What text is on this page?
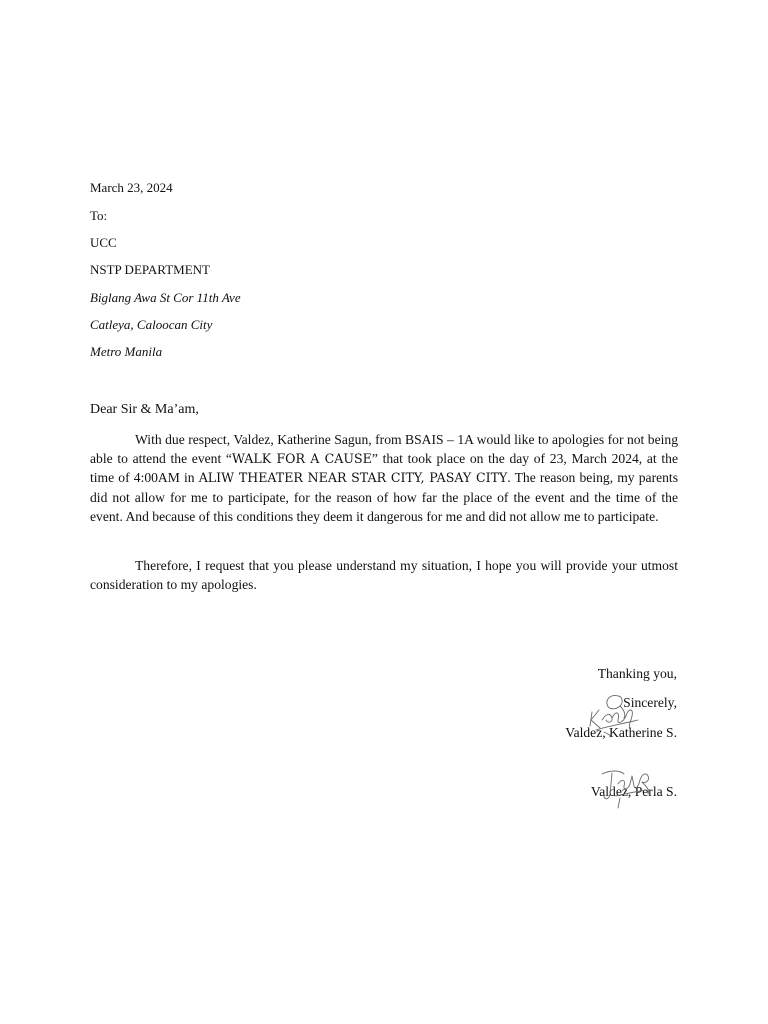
March 23, 2024
To:
UCC
NSTP DEPARTMENT
Biglang Awa St Cor 11th Ave
Catleya, Caloocan City
Metro Manila
Dear Sir & Ma’am,

With due respect, Valdez, Katherine Sagun, from BSAIS – 1A would like to apologies for not being able to attend the event “WALK FOR A CAUSE” that took place on the day of 23, March 2024, at the time of 4:00AM in ALIW THEATER NEAR STAR CITY, PASAY CITY. The reason being, my parents did not allow for me to participate, for the reason of how far the place of the event and the time of the event. And because of this conditions they deem it dangerous for me and did not allow me to participate.

Therefore, I request that you please understand my situation, I hope you will provide your utmost consideration to my apologies.

Thanking you,
Sincerely,
Valdez, Katherine S.
Valdez, Perla S.
